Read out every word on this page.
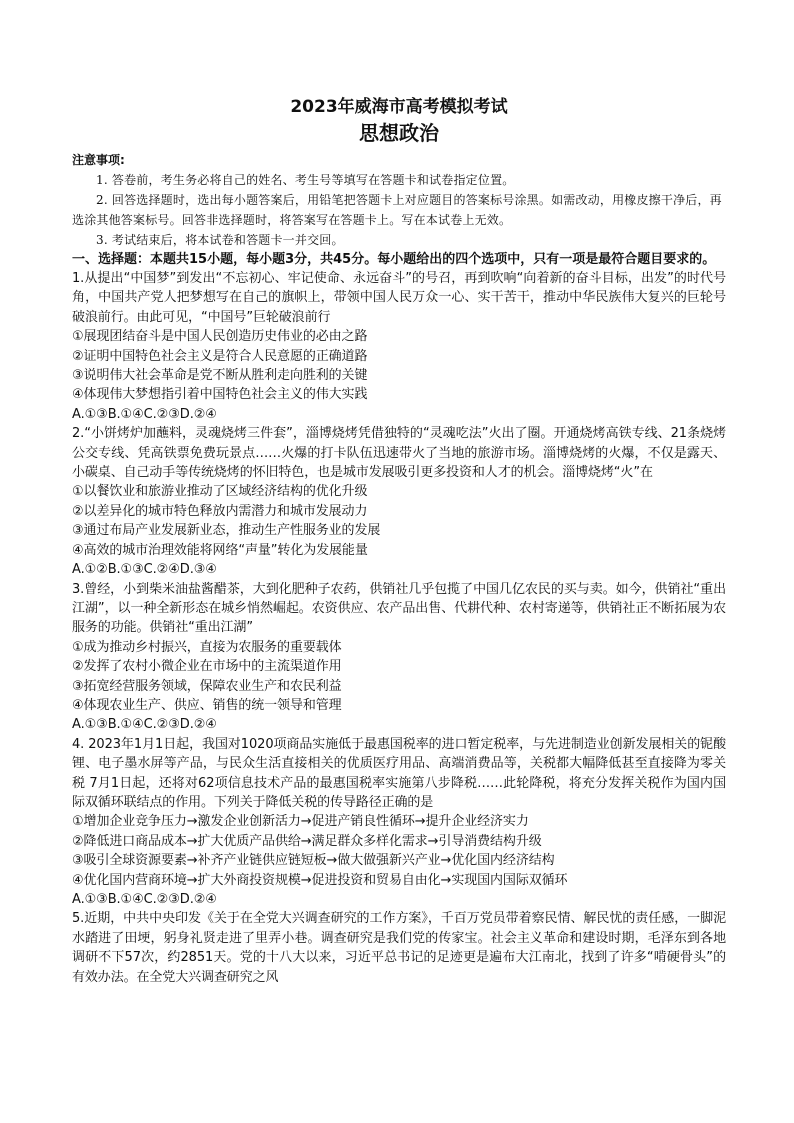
2023年威海市高考模拟考试
思想政治
注意事项:

1. 答卷前，考生务必将自己的姓名、考生号等填写在答题卡和试卷指定位置。

2. 回答选择题时，选出每小题答案后，用铅笔把答题卡上对应题目的答案标号涂黑。如需改动，用橡皮擦干净后，再选涂其他答案标号。回答非选择题时，将答案写在答题卡上。写在本试卷上无效。

3. 考试结束后，将本试卷和答题卡一并交回。

一、选择题：本题共15小题，每小题3分，共45分。每小题给出的四个选项中，只有一项是最符合题目要求的。

1.从提出“中国梦”到发出“不忘初心、牢记使命、永远奋斗”的号召，再到吹响“向着新的奋斗目标，出发”的时代号角，中国共产党人把梦想写在自己的旗帜上，带领中国人民万众一心、实干苦干，推动中华民族伟大复兴的巨轮号破浪前行。由此可见，“中国号”巨轮破浪前行

①展现团结奋斗是中国人民创造历史伟业的必由之路

②证明中国特色社会主义是符合人民意愿的正确道路

③说明伟大社会革命是党不断从胜利走向胜利的关键

④体现伟大梦想指引着中国特色社会主义的伟大实践

A.①③B.①④C.②③D.②④

2.“小饼烤炉加蘸料，灵魂烧烤三件套”，淄博烧烤凭借独特的“灵魂吃法”火出了圈。开通烧烤高铁专线、21条烧烤公交专线、凭高铁票免费玩景点……火爆的打卡队伍迅速带火了当地的旅游市场。淄博烧烤的火爆，不仅是露天、小碳桌、自己动手等传统烧烤的怀旧特色，也是城市发展吸引更多投资和人才的机会。淄博烧烤“火”在

①以餐饮业和旅游业推动了区域经济结构的优化升级

②以差异化的城市特色释放内需潜力和城市发展动力

③通过布局产业发展新业态，推动生产性服务业的发展

④高效的城市治理效能将网络“声量”转化为发展能量

A.①②B.①③C.②④D.③④

3.曾经，小到柴米油盐酱醋茶，大到化肥种子农药，供销社几乎包揽了中国几亿农民的买与卖。如今，供销社“重出江湖”，以一种全新形态在城乡悄然崛起。农资供应、农产品出售、代耕代种、农村寄递等，供销社正不断拓展为农服务的功能。供销社“重出江湖”

①成为推动乡村振兴，直接为农服务的重要载体

②发挥了农村小微企业在市场中的主流渠道作用

③拓宽经营服务领域，保障农业生产和农民利益

④体现农业生产、供应、销售的统一领导和管理

A.①③B.①④C.②③D.②④

4. 2023年1月1日起，我国对1020项商品实施低于最惠国税率的进口暂定税率，与先进制造业创新发展相关的铌酸锂、电子墨水屏等产品，与民众生活直接相关的优质医疗用品、高端消费品等，关税都大幅降低甚至直接降为零关税 7月1日起，还将对62项信息技术产品的最惠国税率实施第八步降税……此轮降税，将充分发挥关税作为国内国际双循环联结点的作用。下列关于降低关税的传导路径正确的是

①增加企业竞争压力→激发企业创新活力→促进产销良性循环→提升企业经济实力

②降低进口商品成本→扩大优质产品供给→满足群众多样化需求→引导消费结构升级

③吸引全球资源要素→补齐产业链供应链短板→做大做强新兴产业→优化国内经济结构

④优化国内营商环境→扩大外商投资规模→促进投资和贸易自由化→实现国内国际双循环

A.①③B.①④C.②③D.②④

5.近期，中共中央印发《关于在全党大兴调查研究的工作方案》，千百万党员带着察民情、解民忧的责任感，一脚泥水踏进了田埂，躬身礼贤走进了里弄小巷。调查研究是我们党的传家宝。社会主义革命和建设时期，毛泽东到各地调研不下57次，约2851天。党的十八大以来，习近平总书记的足迹更是遍布大江南北，找到了许多“啃硬骨头”的有效办法。在全党大兴调查研究之风
